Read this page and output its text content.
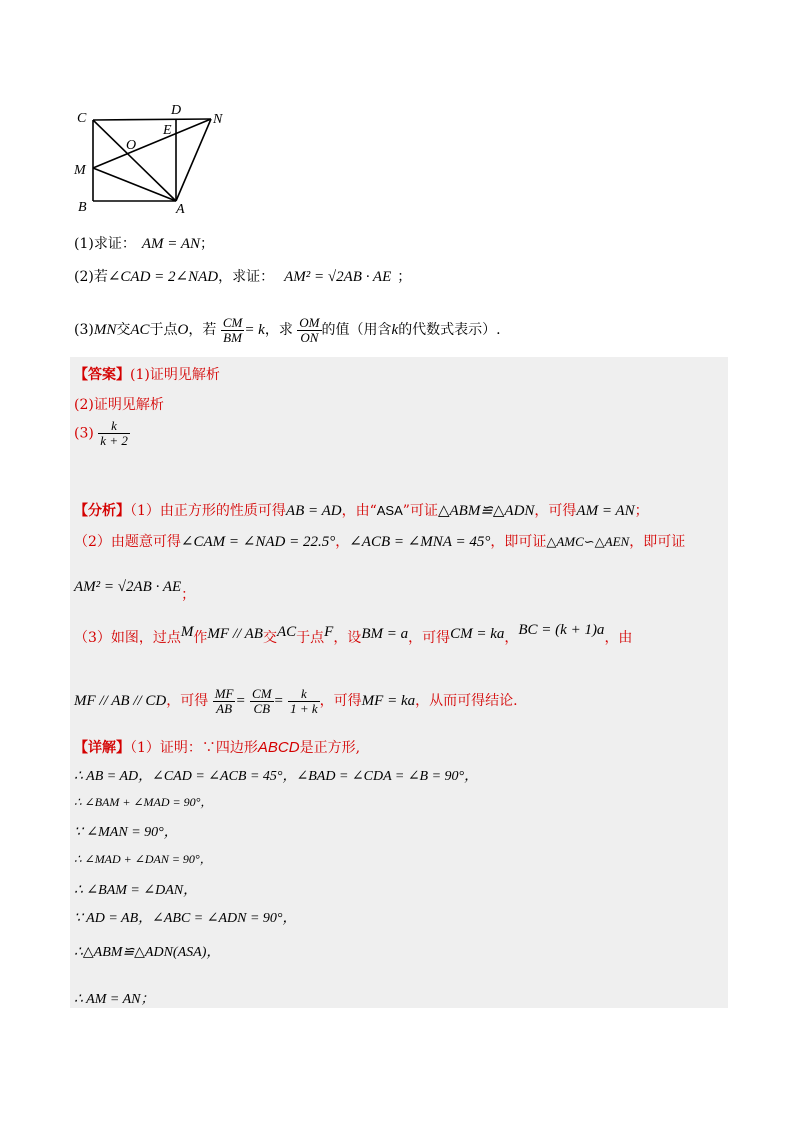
C
D
N
E
O
M
B	A
(1)求证： AM = AN；
(2)若∠CAD = 2∠NAD，求证： AM² = √2AB · AE ；
(3)MN交AC于点O，若 $\frac{CM}{BM} = k$，求 $\frac{OM}{ON}$ 的值（用含k的代数式表示）.
【答案】(1)证明见解析
(2)证明见解析
$(3) \frac{k}{k + 2}$
【分析】（1）由正方形的性质可得AB = AD，由“ASA”可证△ABM≌△ADN，可得AM = AN；
（2）由题意可得∠CAM = ∠NAD = 22.5°，∠ACB = ∠MNA = 45°，即可证△AMC∽△AEN，即可证
AM² = √2AB · AE；
（3）如图，过点M作MF // AB交AC于点F，设BM = a，可得CM = ka，BC = (k + 1)a，由
MF // AB // CD，可得 $\frac{MF}{AB} = \frac{CM}{CB} = \frac{k}{1 + k}$ ，可得MF = ka，从而可得结论.
【详解】（1）证明：∵四边形ABCD是正方形,
∴ AB = AD，∠CAD = ∠ACB = 45°，∠BAD = ∠CDA = ∠B = 90°，
∴ ∠BAM + ∠MAD = 90°，
∵ ∠MAN = 90°，
∴ ∠MAD + ∠DAN = 90°，
∴ ∠BAM = ∠DAN，
∵ AD = AB，∠ABC = ∠ADN = 90°，
∴△ABM≌△ADN(ASA)，
∴ AM = AN；
